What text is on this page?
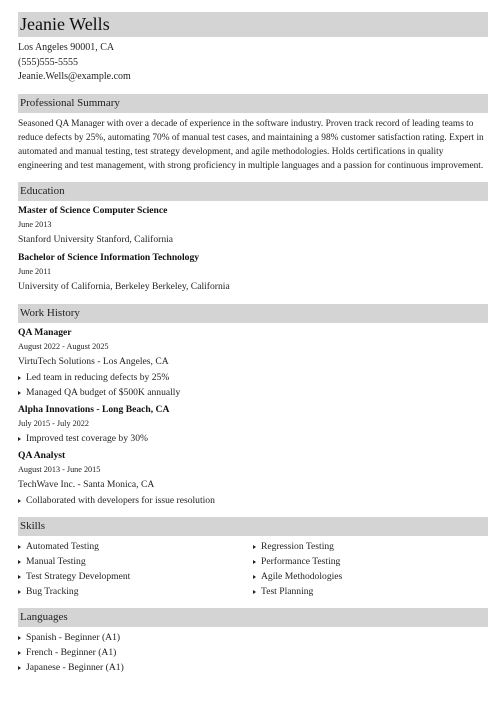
Jeanie Wells
Los Angeles 90001, CA
(555)555-5555
Jeanie.Wells@example.com
Professional Summary
Seasoned QA Manager with over a decade of experience in the software industry. Proven track record of leading teams to reduce defects by 25%, automating 70% of manual test cases, and maintaining a 98% customer satisfaction rating. Expert in automated and manual testing, test strategy development, and agile methodologies. Holds certifications in quality engineering and test management, with strong proficiency in multiple languages and a passion for continuous improvement.
Education
Master of Science Computer Science
June 2013
Stanford University Stanford, California
Bachelor of Science Information Technology
June 2011
University of California, Berkeley Berkeley, California
Work History
QA Manager
August 2022 - August 2025
VirtuTech Solutions - Los Angeles, CA
Led team in reducing defects by 25%
Managed QA budget of $500K annually
Alpha Innovations - Long Beach, CA
July 2015 - July 2022
Improved test coverage by 30%
QA Analyst
August 2013 - June 2015
TechWave Inc. - Santa Monica, CA
Collaborated with developers for issue resolution
Skills
Automated Testing
Manual Testing
Test Strategy Development
Bug Tracking
Regression Testing
Performance Testing
Agile Methodologies
Test Planning
Languages
Spanish - Beginner (A1)
French - Beginner (A1)
Japanese - Beginner (A1)
